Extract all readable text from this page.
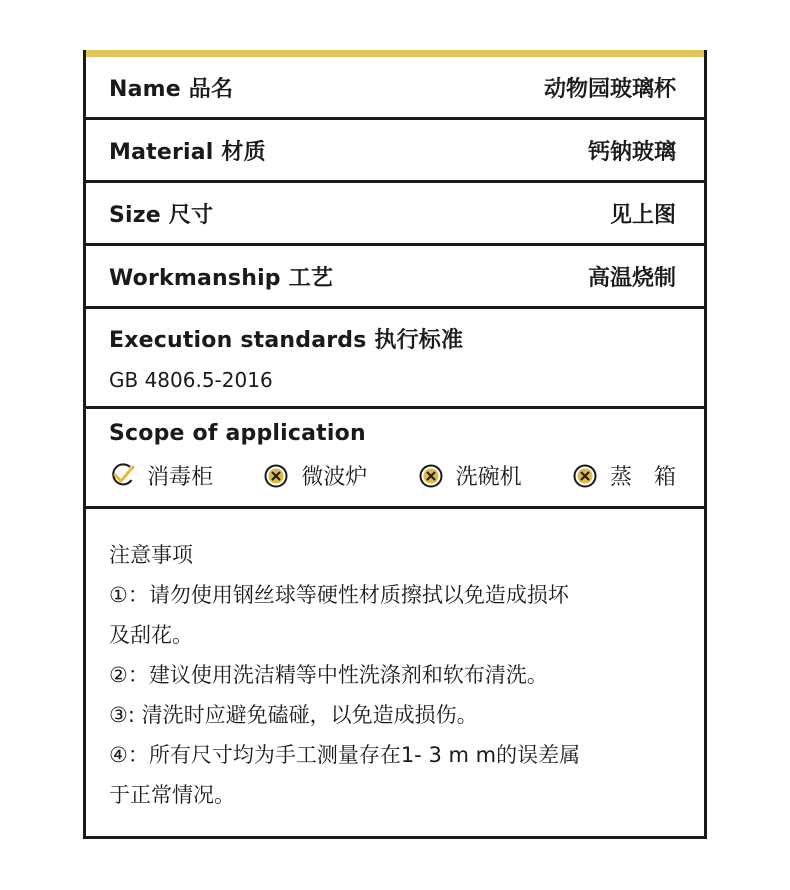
Name 品名	动物园玻璃杯
Material 材质	钙钠玻璃
Size 尺寸	见上图
Workmanship 工艺	高温烧制
Execution standards 执行标准
GB 4806.5-2016
Scope of application
消毒柜	微波炉	洗碗机	蒸　箱

注意事项

①：请勿使用钢丝球等硬性材质擦拭以免造成损坏

及刮花。

②：建议使用洗洁精等中性洗涤剂和软布清洗。

③: 清洗时应避免磕碰，以免造成损伤。

④：所有尺寸均为手工测量存在1- 3 m m的误差属

于正常情况。
